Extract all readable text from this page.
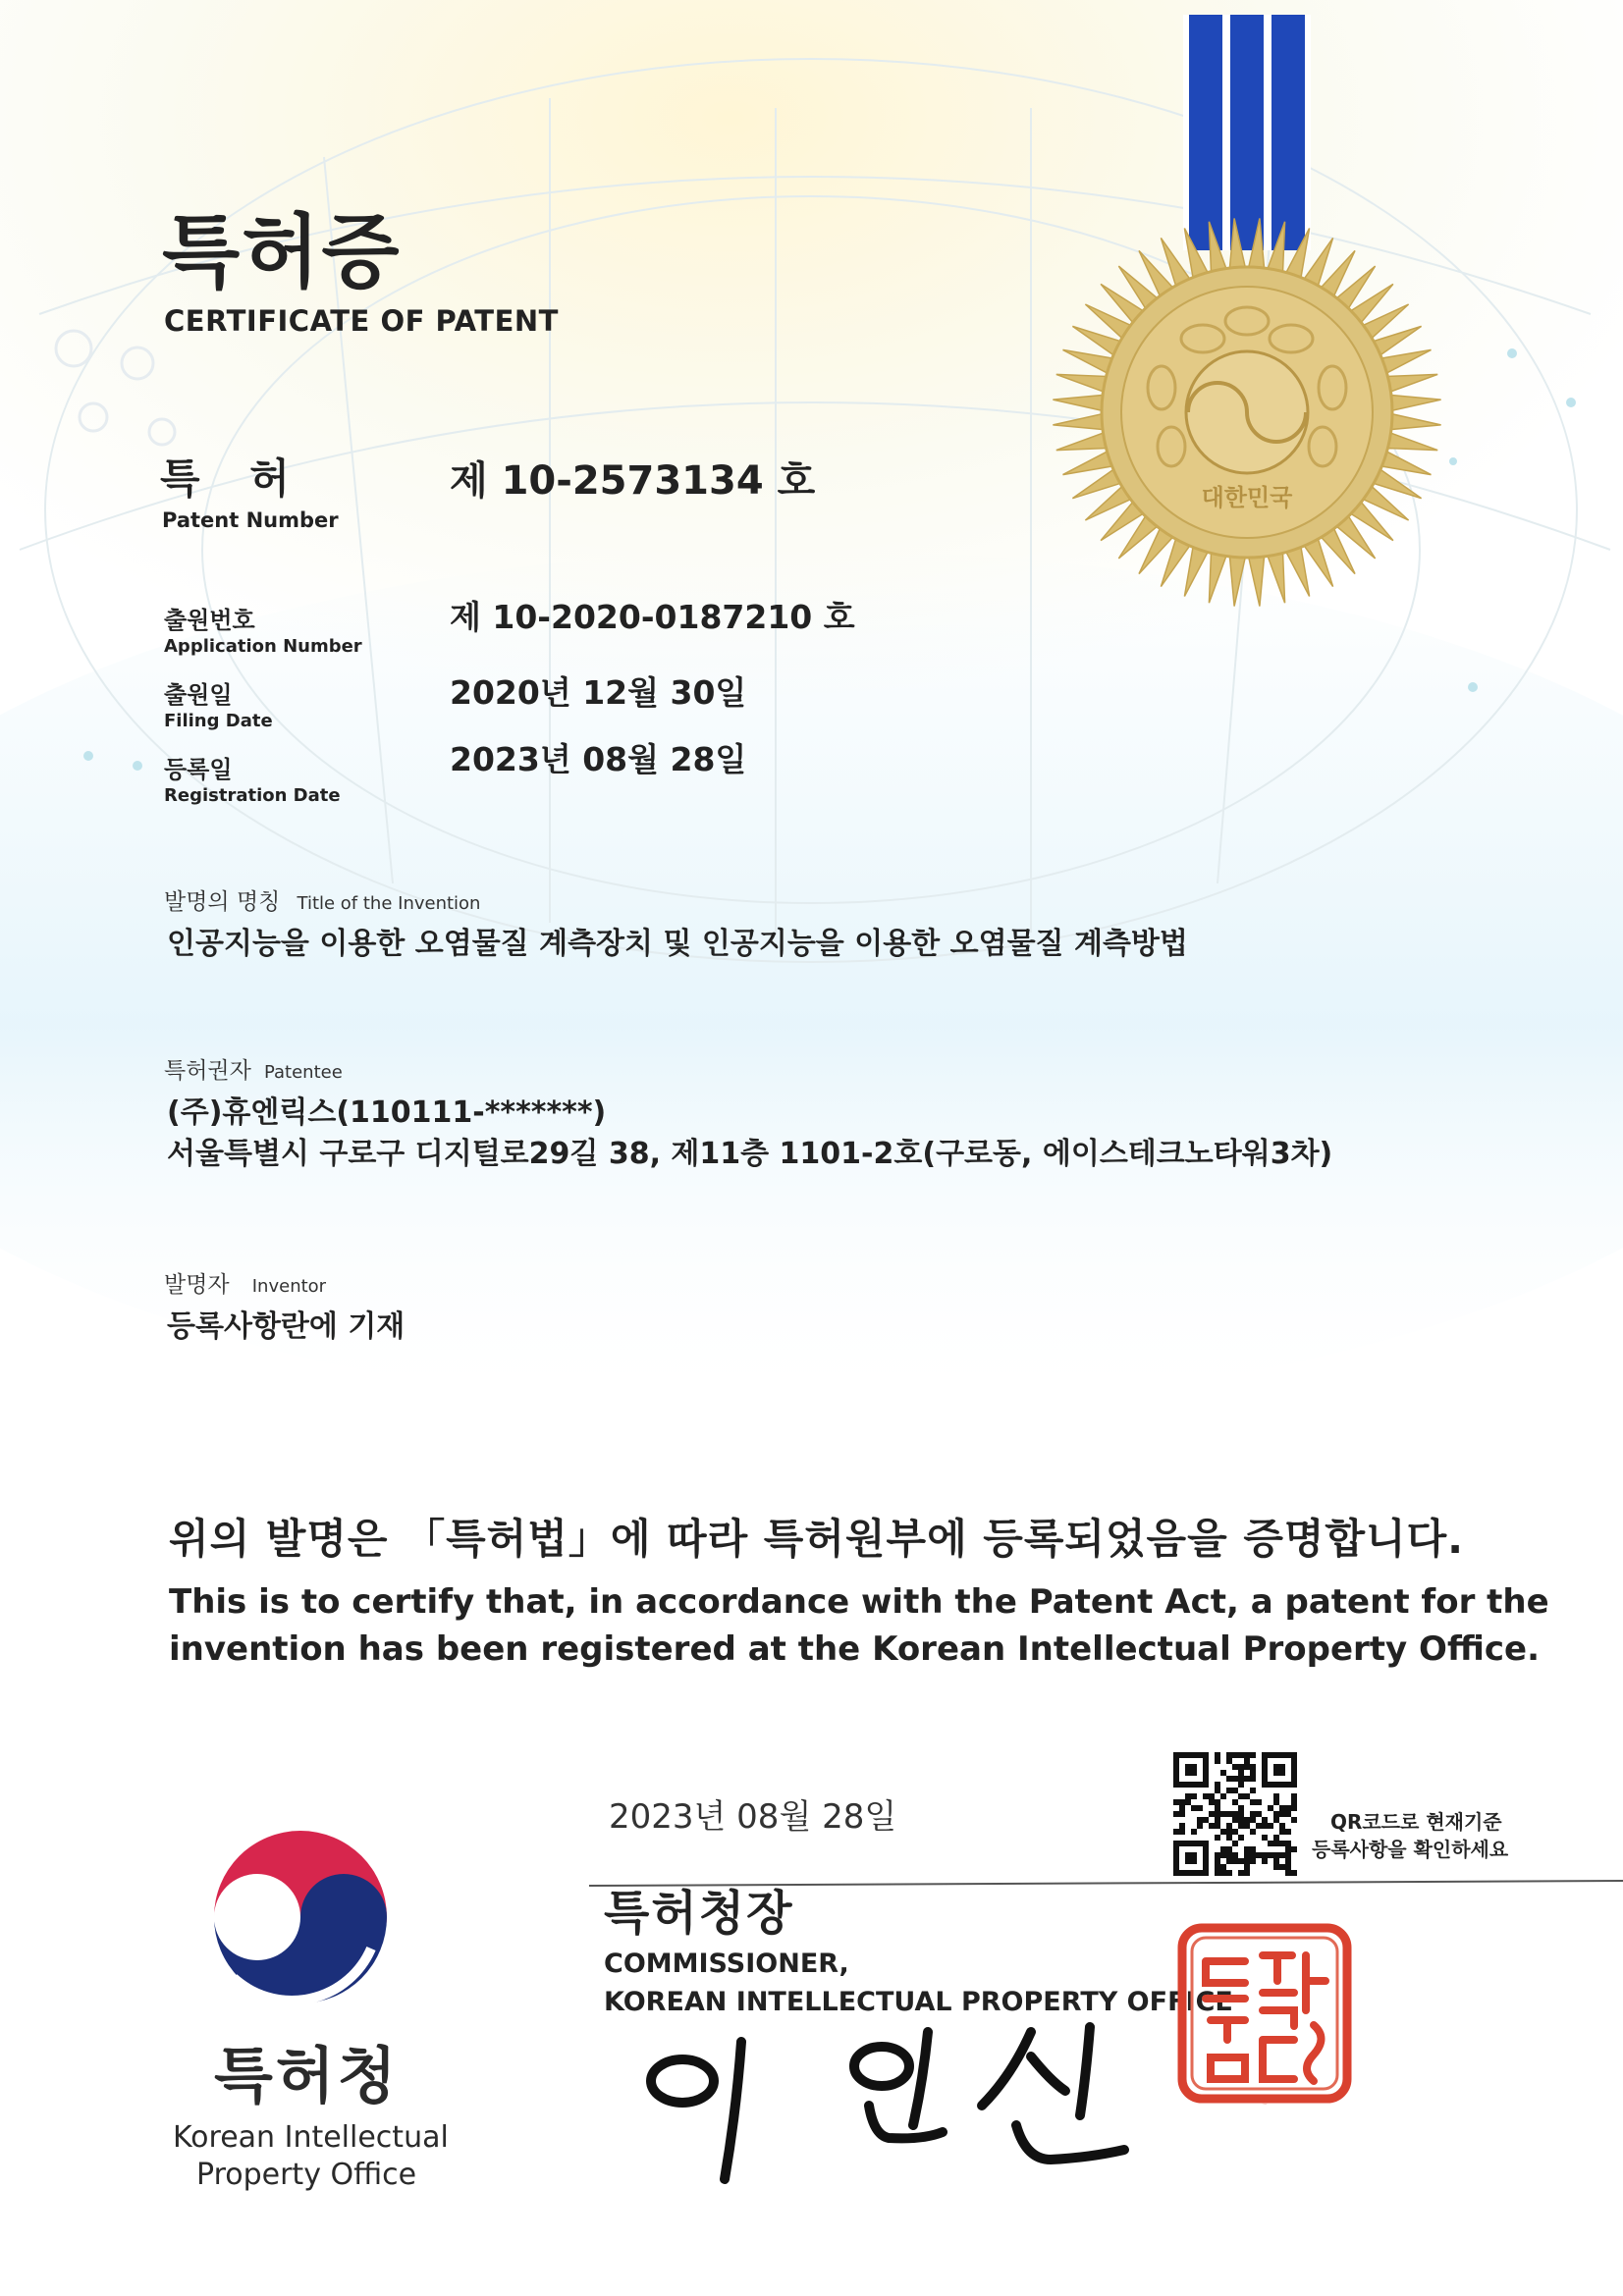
대한민국
특허증
CERTIFICATE OF PATENT
특 허
Patent Number
제 10-2573134 호
출원번호
Application Number
제 10-2020-0187210 호
출원일
Filing Date
2020년 12월 30일
등록일
Registration Date
2023년 08월 28일
발명의 명칭 Title of the Invention
인공지능을 이용한 오염물질 계측장치 및 인공지능을 이용한 오염물질 계측방법
특허권자 Patentee
(주)휴엔릭스(110111-*******)
서울특별시 구로구 디지털로29길 38, 제11층 1101-2호(구로동, 에이스테크노타워3차)
발명자 Inventor
등록사항란에 기재
위의 발명은 「특허법」에 따라 특허원부에 등록되었음을 증명합니다.
This is to certify that, in accordance with the Patent Act, a patent for the
invention has been registered at the Korean Intellectual Property Office.
2023년 08월 28일	QR코드로 현재기준
등록사항을 확인하세요
특허청장
COMMISSIONER,
KOREAN INTELLECTUAL PROPERTY OFFICE
특허청장인
특허청
Korean Intellectual
Property Office
